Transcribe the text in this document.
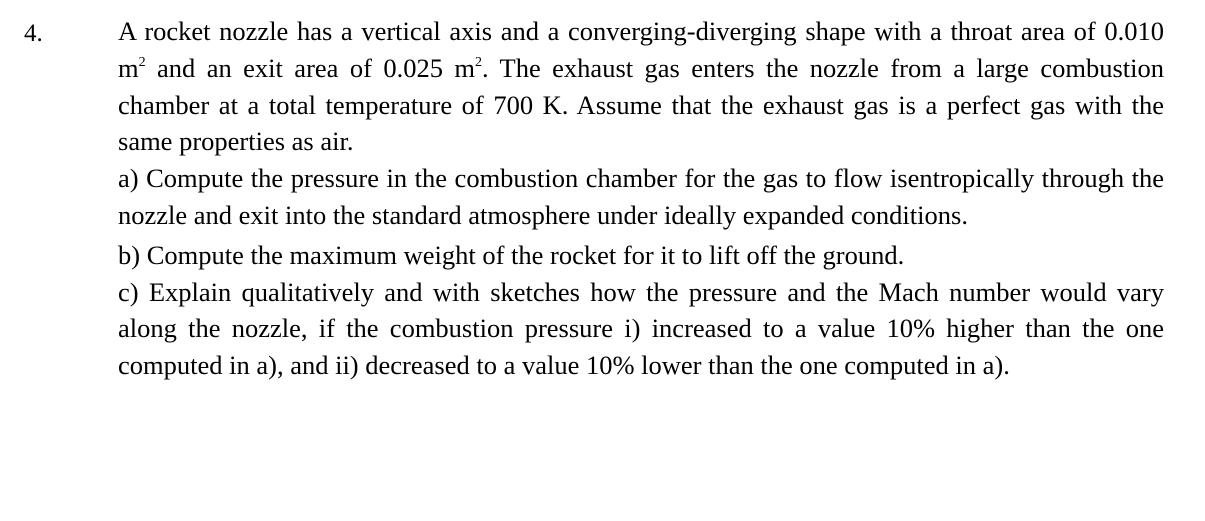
4.	A rocket nozzle has a vertical axis and a converging-diverging shape with a throat area of 0.010 $m^2$ and an exit area of 0.025 $m^2$. The exhaust gas enters the nozzle from a large combustion chamber at a total temperature of 700 K. Assume that the exhaust gas is a perfect gas with the same properties as air.

a) Compute the pressure in the combustion chamber for the gas to flow isentropically through the nozzle and exit into the standard atmosphere under ideally expanded conditions.

b) Compute the maximum weight of the rocket for it to lift off the ground.

c) Explain qualitatively and with sketches how the pressure and the Mach number would vary along the nozzle, if the combustion pressure i) increased to a value 10% higher than the one computed in a), and ii) decreased to a value 10% lower than the one computed in a).
